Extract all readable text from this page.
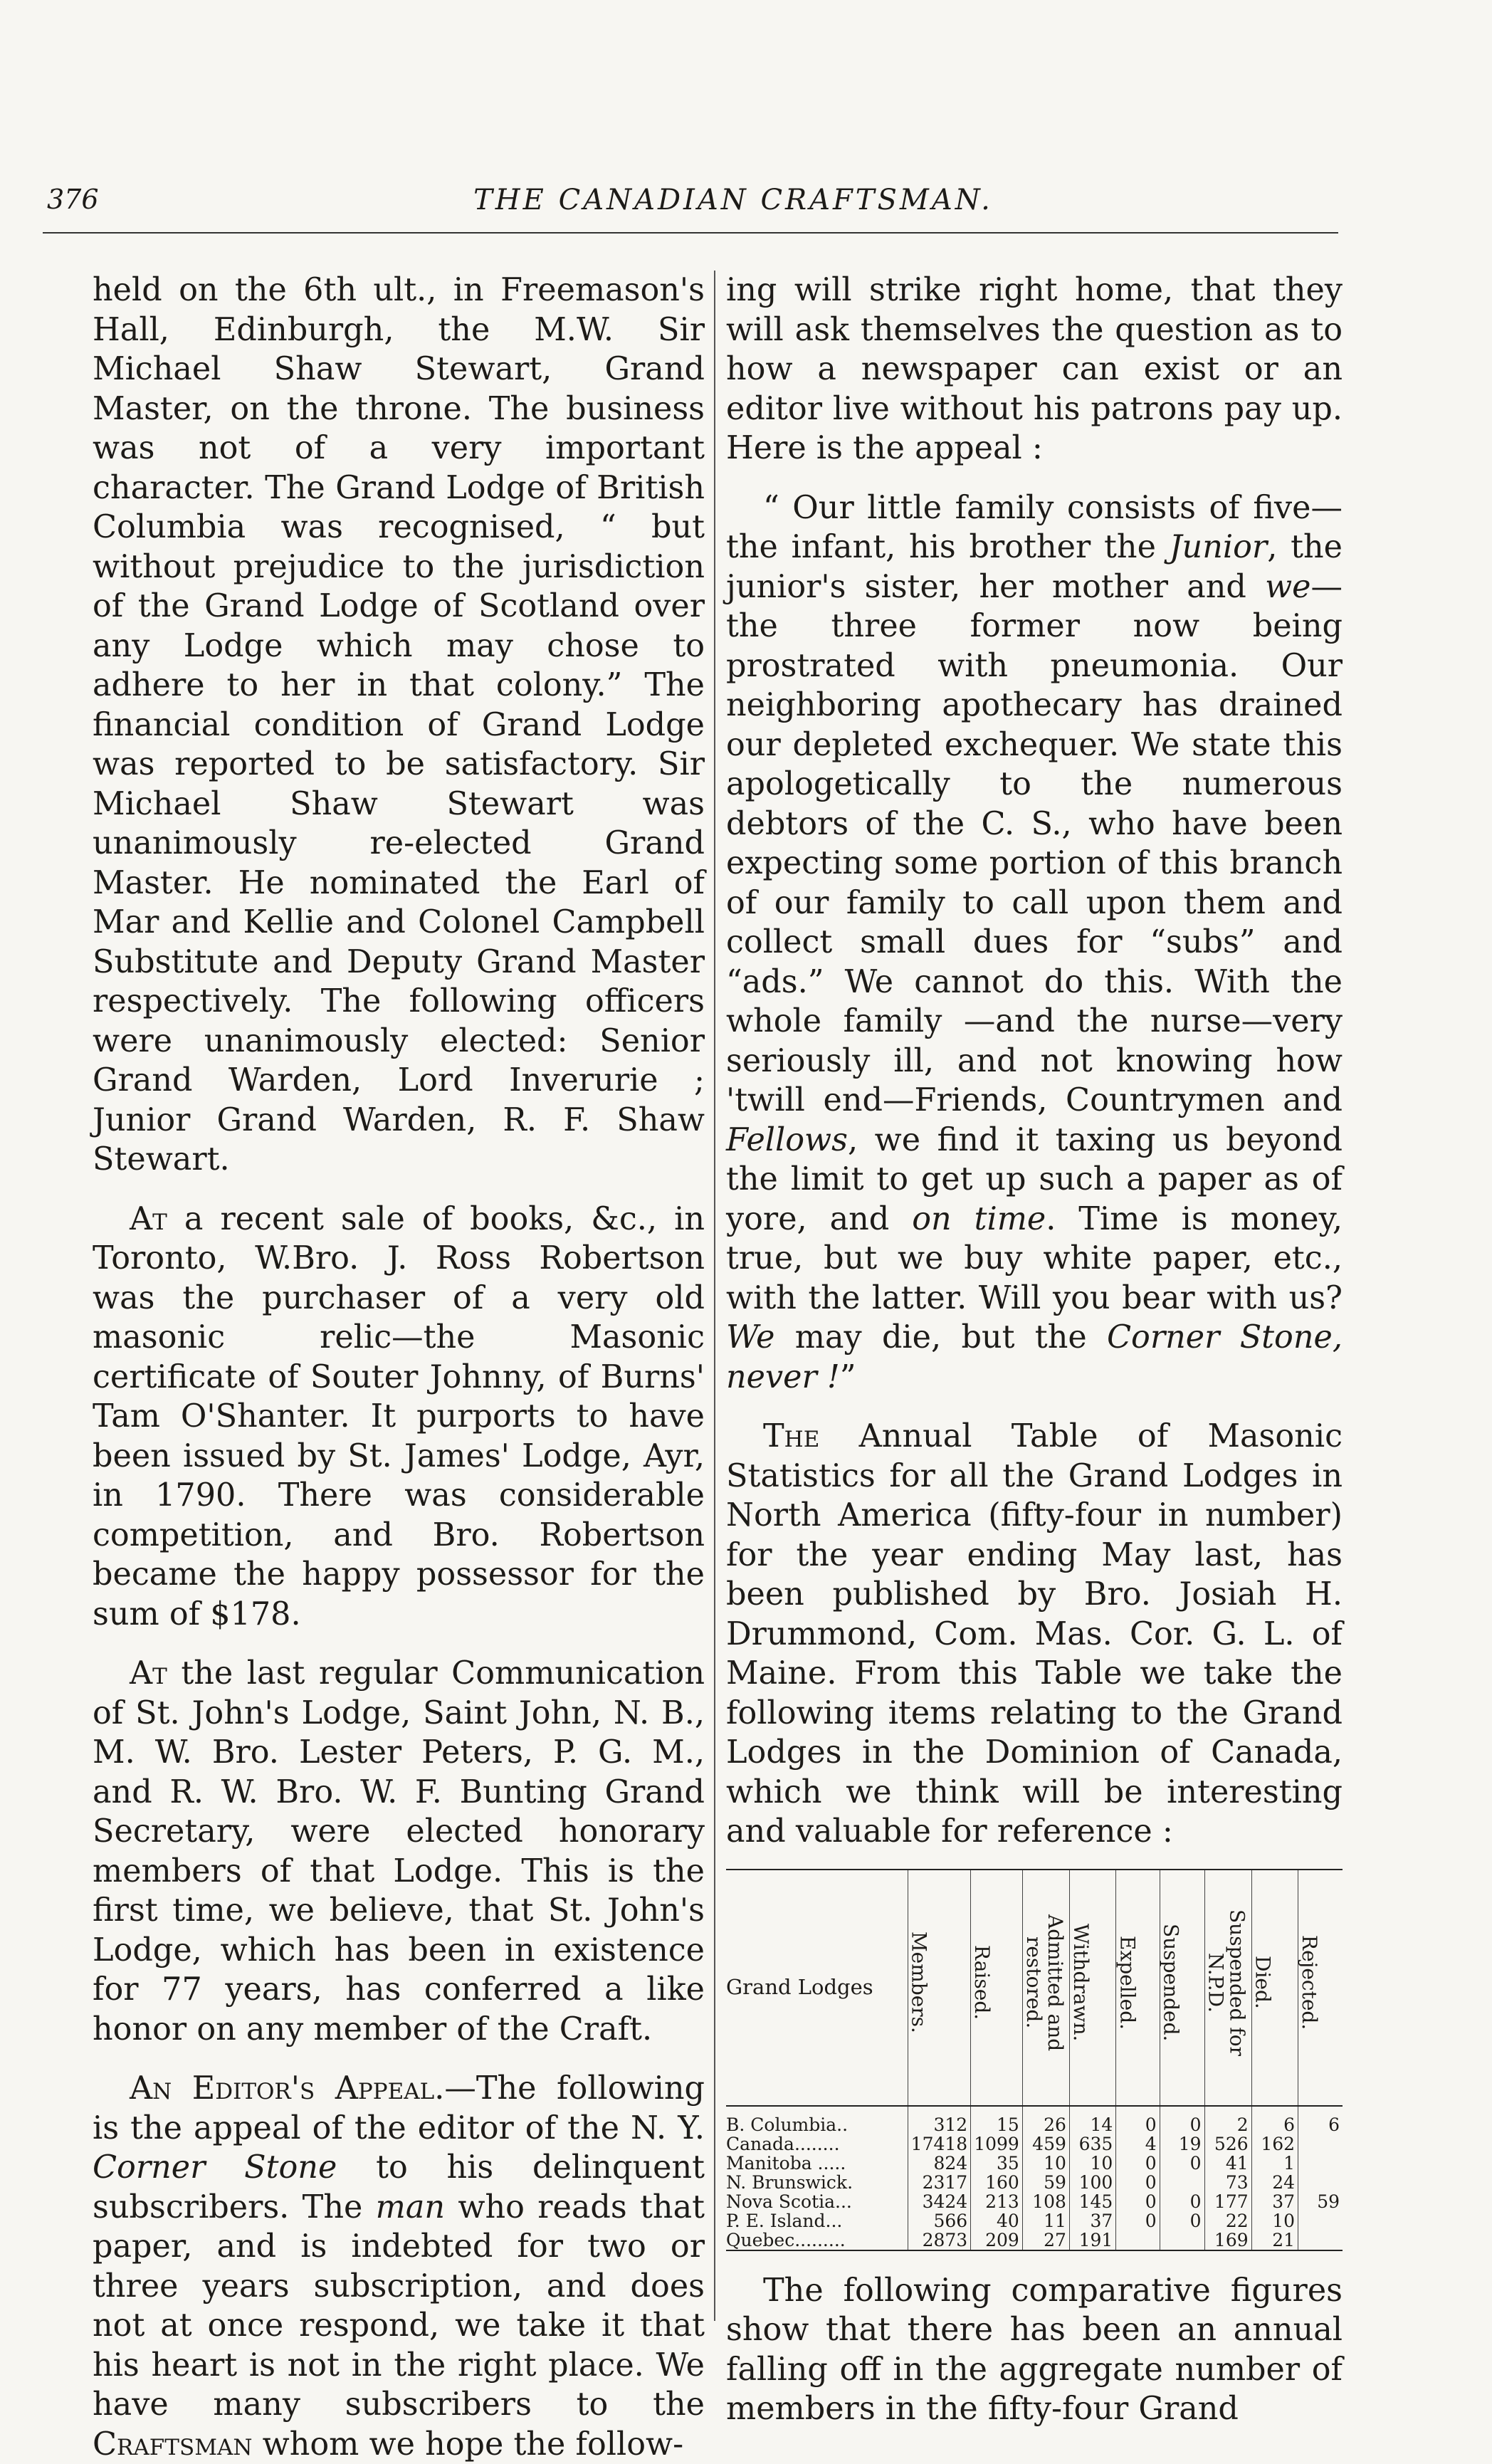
376	THE CANADIAN CRAFTSMAN.

held on the 6th ult., in Freemason's Hall, Edinburgh, the M.W. Sir Michael Shaw Stewart, Grand Master, on the throne. The business was not of a very important character. The Grand Lodge of British Columbia was recognised, “ but without prejudice to the jurisdiction of the Grand Lodge of Scotland over any Lodge which may chose to adhere to her in that colony.” The financial condition of Grand Lodge was reported to be satisfactory. Sir Michael Shaw Stewart was unanimously re-elected Grand Master. He nominated the Earl of Mar and Kellie and Colonel Campbell Substitute and Deputy Grand Master respectively. The following officers were unanimously elected: Senior Grand Warden, Lord Inverurie ; Junior Grand Warden, R. F. Shaw Stewart.

At a recent sale of books, &c., in Toronto, W.Bro. J. Ross Robertson was the purchaser of a very old masonic relic—the Masonic certificate of Souter Johnny, of Burns' Tam O'Shanter. It purports to have been issued by St. James' Lodge, Ayr, in 1790. There was considerable competition, and Bro. Robertson became the happy possessor for the sum of $178.

At the last regular Communication of St. John's Lodge, Saint John, N. B., M. W. Bro. Lester Peters, P. G. M., and R. W. Bro. W. F. Bunting Grand Secretary, were elected honorary members of that Lodge. This is the first time, we believe, that St. John's Lodge, which has been in existence for 77 years, has conferred a like honor on any member of the Craft.

An Editor's Appeal.—The following is the appeal of the editor of the N. Y. Corner Stone to his delinquent subscribers. The man who reads that paper, and is indebted for two or three years subscription, and does not at once respond, we take it that his heart is not in the right place. We have many subscribers to the Craftsman whom we hope the follow-

ing will strike right home, that they will ask themselves the question as to how a newspaper can exist or an editor live without his patrons pay up. Here is the appeal :

“ Our little family consists of five—the infant, his brother the Junior, the junior's sister, her mother and we—the three former now being prostrated with pneumonia. Our neighboring apothecary has drained our depleted exchequer. We state this apologetically to the numerous debtors of the C. S., who have been expecting some portion of this branch of our family to call upon them and collect small dues for “subs” and “ads.” We cannot do this. With the whole family —and the nurse—very seriously ill, and not knowing how 'twill end—Friends, Countrymen and Fellows, we find it taxing us beyond the limit to get up such a paper as of yore, and on time. Time is money, true, but we buy white paper, etc., with the latter. Will you bear with us? We may die, but the Corner Stone, never !”

The Annual Table of Masonic Statistics for all the Grand Lodges in North America (fifty-four in number) for the year ending May last, has been published by Bro. Josiah H. Drummond, Com. Mas. Cor. G. L. of Maine. From this Table we take the following items relating to the Grand Lodges in the Dominion of Canada, which we think will be interesting and valuable for reference :

Grand Lodges	Members.	Raised.	Admitted and
restored.	Withdrawn.	Expelled.	Suspended.	Suspended for
N.P.D.	Died.	Rejected.
B. Columbia..	312	15	26	14	0	0	2	6	6
Canada........	17418	1099	459	635	4	19	526	162	
Manitoba .....	824	35	10	10	0	0	41	1	
N. Brunswick.	2317	160	59	100	0		73	24	
Nova Scotia...	3424	213	108	145	0	0	177	37	59
P. E. Island...	566	40	11	37	0	0	22	10	
Quebec.........	2873	209	27	191			169	21	

The following comparative figures show that there has been an annual falling off in the aggregate number of members in the fifty-four Grand
